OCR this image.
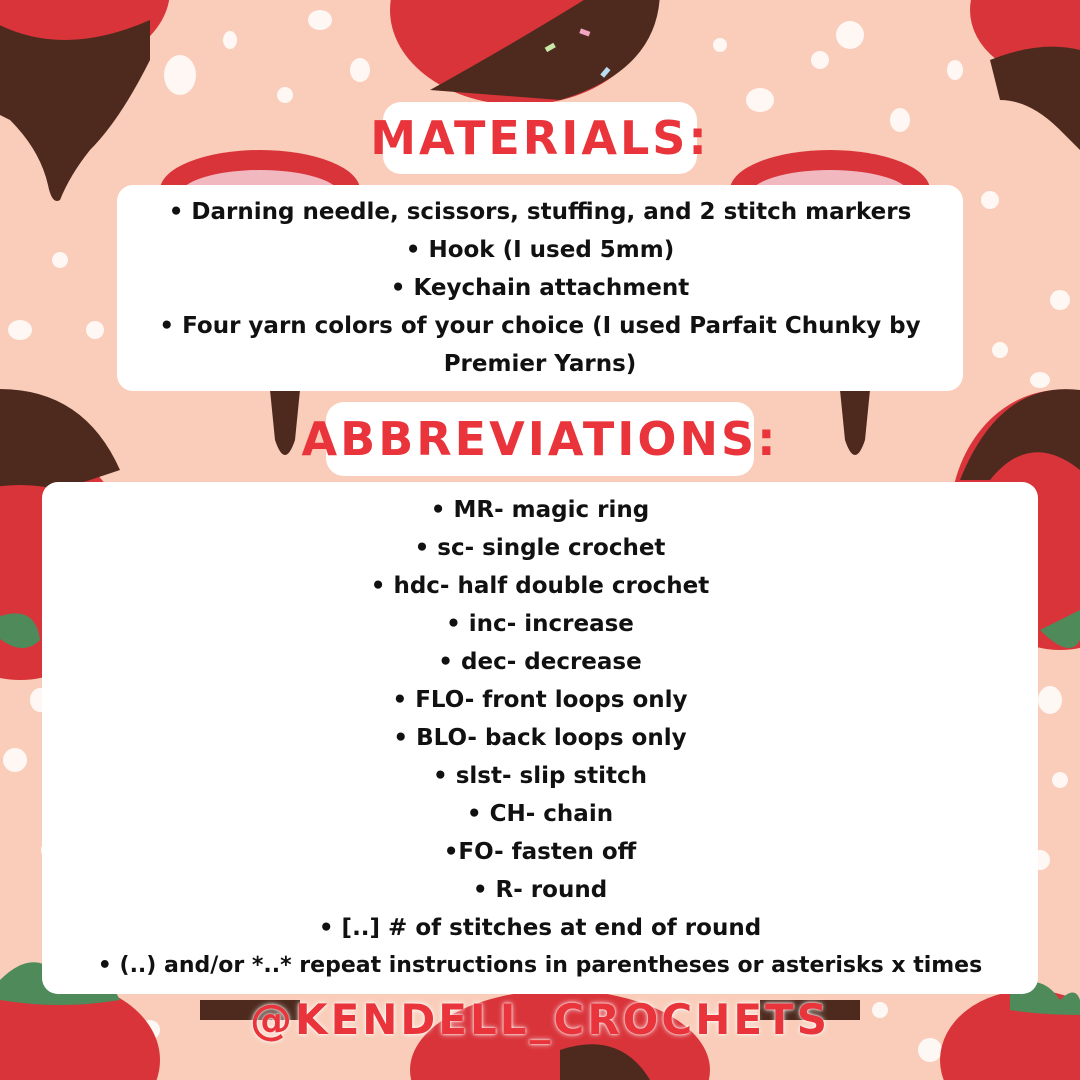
MATERIALS:
• Darning needle, scissors, stuffing, and 2 stitch markers
• Hook (I used 5mm)
• Keychain attachment
• Four yarn colors of your choice (I used Parfait Chunky by
Premier Yarns)
ABBREVIATIONS:
• MR- magic ring
• sc- single crochet
• hdc- half double crochet
• inc- increase
• dec- decrease
• FLO- front loops only
• BLO- back loops only
• slst- slip stitch
• CH- chain
•FO- fasten off
• R- round
• [..] # of stitches at end of round
• (..) and/or *..* repeat instructions in parentheses or asterisks x times
@KENDELL_CROCHETS
